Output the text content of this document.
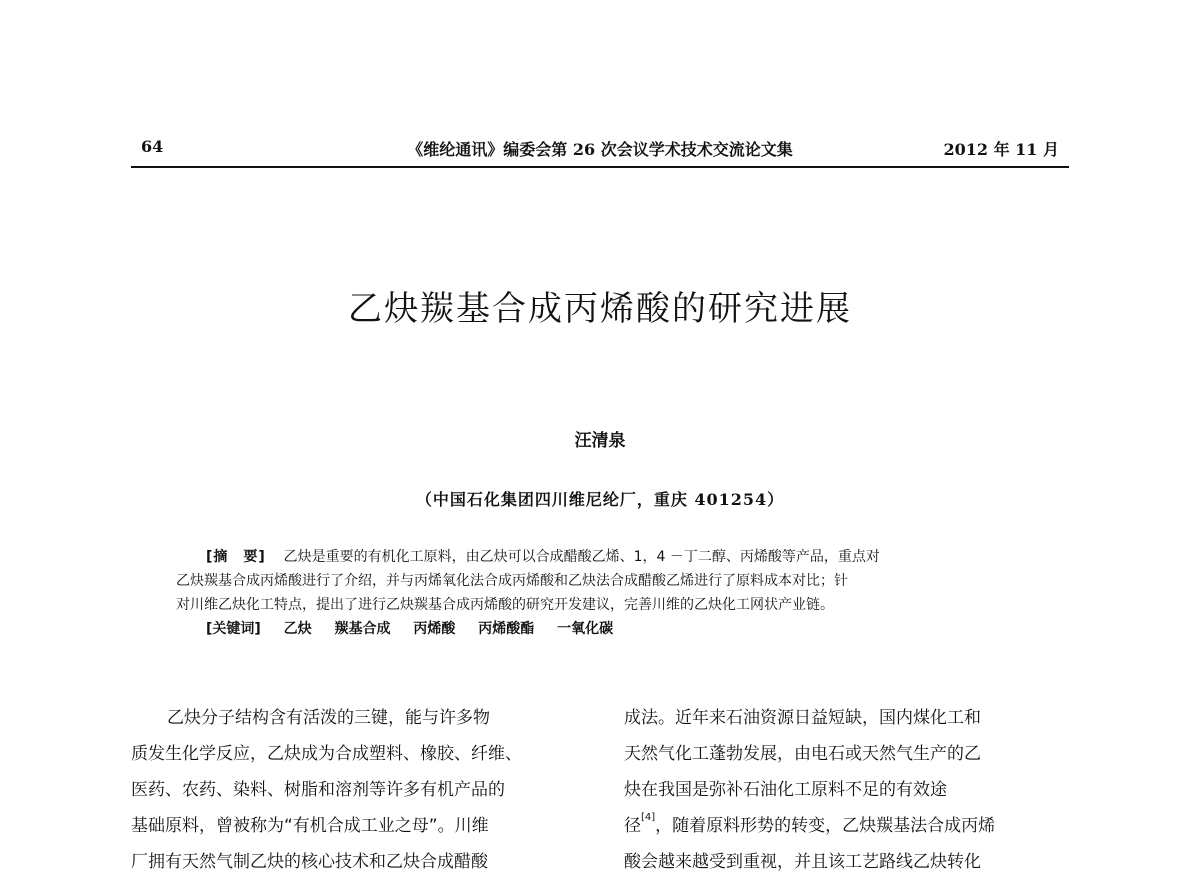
64	《维纶通讯》编委会第 26 次会议学术技术交流论文集	2012 年 11 月
乙炔羰基合成丙烯酸的研究进展
汪清泉
（中国石化集团四川维尼纶厂，重庆 401254）
[摘　要] 乙炔是重要的有机化工原料，由乙炔可以合成醋酸乙烯、1，4 －丁二醇、丙烯酸等产品，重点对
乙炔羰基合成丙烯酸进行了介绍，并与丙烯氧化法合成丙烯酸和乙炔法合成醋酸乙烯进行了原料成本对比；针
对川维乙炔化工特点，提出了进行乙炔羰基合成丙烯酸的研究开发建议，完善川维的乙炔化工网状产业链。
[关键词] 乙炔 羰基合成 丙烯酸 丙烯酸酯 一氧化碳
乙炔分子结构含有活泼的三键，能与许多物
质发生化学反应，乙炔成为合成塑料、橡胶、纤维、
医药、农药、染料、树脂和溶剂等许多有机产品的
基础原料，曾被称为“有机合成工业之母”。川维
厂拥有天然气制乙炔的核心技术和乙炔合成醋酸
成法。近年来石油资源日益短缺，国内煤化工和
天然气化工蓬勃发展，由电石或天然气生产的乙
炔在我国是弥补石油化工原料不足的有效途
径[4]，随着原料形势的转变，乙炔羰基法合成丙烯
酸会越来越受到重视，并且该工艺路线乙炔转化
